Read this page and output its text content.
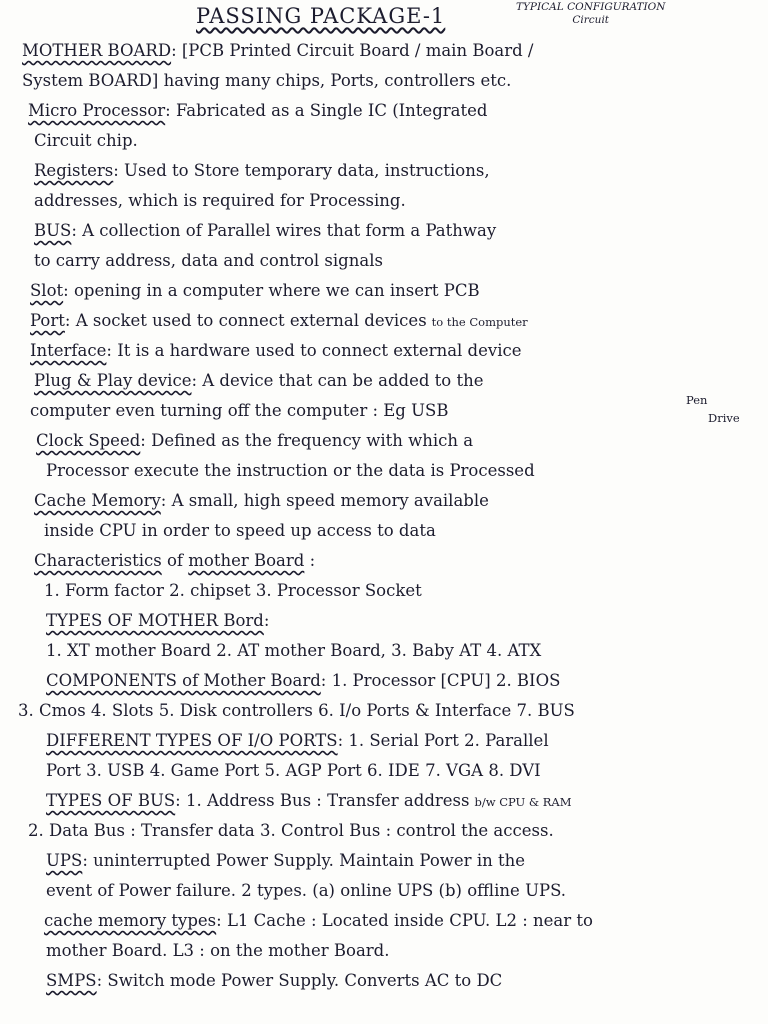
PASSING PACKAGE-1	TYPICAL CONFIGURATION
Circuit
MOTHER BOARD: [PCB Printed Circuit Board / main Board /
System BOARD] having many chips, Ports, controllers etc.
Micro Processor: Fabricated as a Single IC (Integrated
Circuit chip.
Registers: Used to Store temporary data, instructions,
addresses, which is required for Processing.
BUS: A collection of Parallel wires that form a Pathway
to carry address, data and control signals
Slot: opening in a computer where we can insert PCB
Port: A socket used to connect external devices to the Computer
Interface: It is a hardware used to connect external device
Plug & Play device: A device that can be added to the
computer even turning off the computer : Eg USB
Pen
Drive
Clock Speed: Defined as the frequency with which a
Processor execute the instruction or the data is Processed
Cache Memory: A small, high speed memory available
inside CPU in order to speed up access to data
Characteristics of mother Board :
1. Form factor 2. chipset 3. Processor Socket
TYPES OF MOTHER Bord:
1. XT mother Board 2. AT mother Board, 3. Baby AT 4. ATX
COMPONENTS of Mother Board: 1. Processor [CPU] 2. BIOS
3. Cmos 4. Slots 5. Disk controllers 6. I/o Ports & Interface 7. BUS
DIFFERENT TYPES OF I/O PORTS: 1. Serial Port 2. Parallel
Port 3. USB 4. Game Port 5. AGP Port 6. IDE 7. VGA 8. DVI
TYPES OF BUS: 1. Address Bus : Transfer address b/w CPU & RAM
2. Data Bus : Transfer data 3. Control Bus : control the access.
UPS: uninterrupted Power Supply. Maintain Power in the
event of Power failure. 2 types. (a) online UPS (b) offline UPS.
cache memory types: L1 Cache : Located inside CPU. L2 : near to
mother Board. L3 : on the mother Board.
SMPS: Switch mode Power Supply. Converts AC to DC
